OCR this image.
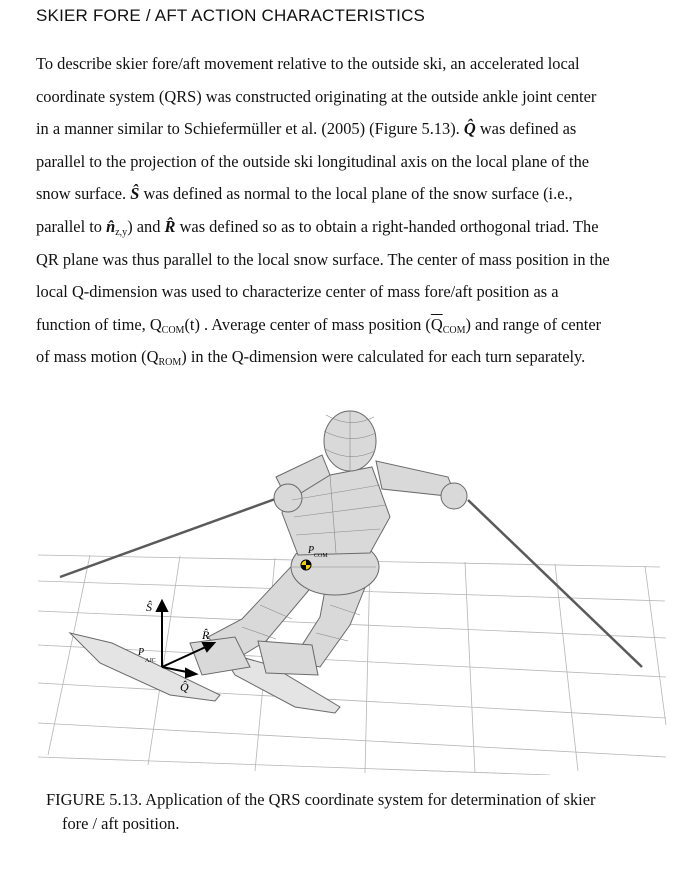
SKIER FORE / AFT ACTION CHARACTERISTICS
To describe skier fore/aft movement relative to the outside ski, an accelerated local
coordinate system (QRS) was constructed originating at the outside ankle joint center
in a manner similar to Schiefermüller et al. (2005) (Figure 5.13). Q̂ was defined as
parallel to the projection of the outside ski longitudinal axis on the local plane of the
snow surface. Ŝ was defined as normal to the local plane of the snow surface (i.e.,
parallel to $n̂_{z,y}$) and R̂ was defined so as to obtain a right-handed orthogonal triad. The
QR plane was thus parallel to the local snow surface. The center of mass position in the
local Q-dimension was used to characterize center of mass fore/aft position as a
function of time, $Q_{COM}(t)$ . Average center of mass position $(\overline{Q}_{COM})$ and range of center
of mass motion $(Q_{ROM})$ in the Q-dimension were calculated for each turn separately.
P COM
Ŝ
R̂
Q̂
P
AJC
FIGURE 5.13. Application of the QRS coordinate system for determination of skier
fore / aft position.
